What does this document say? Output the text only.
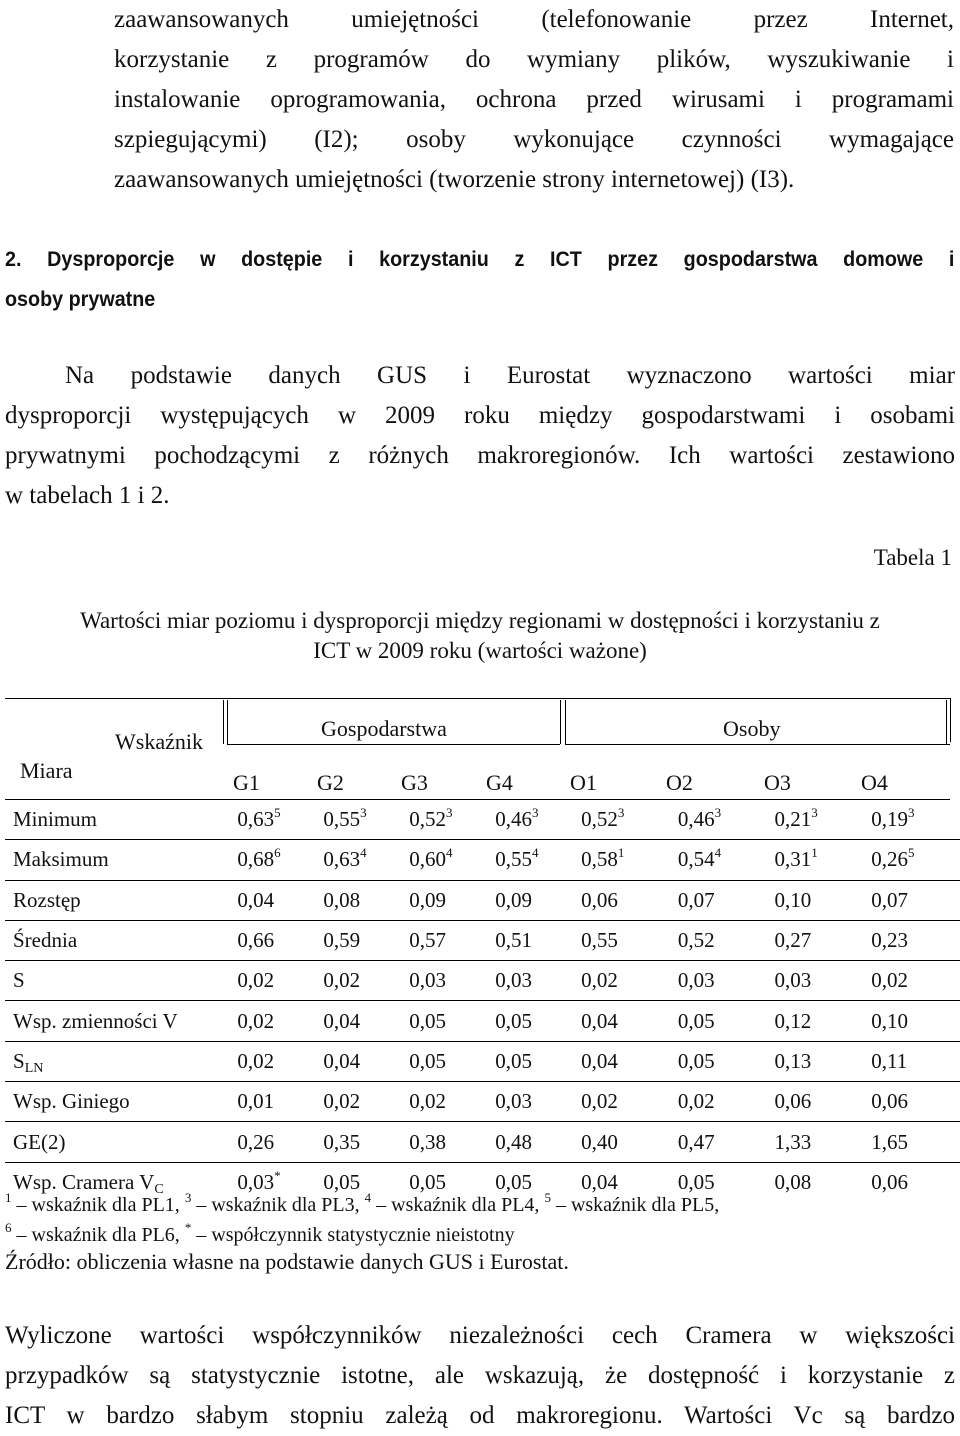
zaawansowanych umiejętności (telefonowanie przez Internet,
korzystanie z programów do wymiany plików, wyszukiwanie i
instalowanie oprogramowania, ochrona przed wirusami i programami
szpiegującymi) (I2); osoby wykonujące czynności wymagające
zaawansowanych umiejętności (tworzenie strony internetowej) (I3).
2. Dysproporcje w dostępie i korzystaniu z ICT przez gospodarstwa domowe i
osoby prywatne
Na podstawie danych GUS i Eurostat wyznaczono wartości miar
dysproporcji występujących w 2009 roku między gospodarstwami i osobami
prywatnymi pochodzącymi z różnych makroregionów. Ich wartości zestawiono
w tabelach 1 i 2.
Tabela 1
Wartości miar poziomu i dysproporcji między regionami w dostępności i korzystaniu z
ICT w 2009 roku (wartości ważone)
Wskaźnik
Miara
Gospodarstwa	Osoby
G1	G2	G3	G4	O1	O2	O3	O4
Minimum	0,63$^5$	0,55$^3$	0,52$^3$	0,46$^3$	0,52$^3$	0,46$^3$	0,21$^3$	0,19$^3$
Maksimum	0,68$^6$	0,63$^4$	0,60$^4$	0,55$^4$	0,58$^1$	0,54$^4$	0,31$^1$	0,26$^5$
Rozstęp	0,04	0,08	0,09	0,09	0,06	0,07	0,10	0,07
Średnia	0,66	0,59	0,57	0,51	0,55	0,52	0,27	0,23
S	0,02	0,02	0,03	0,03	0,02	0,03	0,03	0,02
Wsp. zmienności V	0,02	0,04	0,05	0,05	0,04	0,05	0,12	0,10
$S_{LN}$	0,02	0,04	0,05	0,05	0,04	0,05	0,13	0,11
Wsp. Giniego	0,01	0,02	0,02	0,03	0,02	0,02	0,06	0,06
GE(2)	0,26	0,35	0,38	0,48	0,40	0,47	1,33	1,65
Wsp. Cramera $V_C$	0,03*	0,05	0,05	0,05	0,04	0,05	0,08	0,06
$^1$ – wskaźnik dla PL1, $^3$ – wskaźnik dla PL3, $^4$ – wskaźnik dla PL4, $^5$ – wskaźnik dla PL5,
$^6$ – wskaźnik dla PL6, * – współczynnik statystycznie nieistotny
Źródło: obliczenia własne na podstawie danych GUS i Eurostat.
Wyliczone wartości współczynników niezależności cech Cramera w większości
przypadków są statystycznie istotne, ale wskazują, że dostępność i korzystanie z
ICT w bardzo słabym stopniu zależą od makroregionu. Wartości Vc są bardzo
